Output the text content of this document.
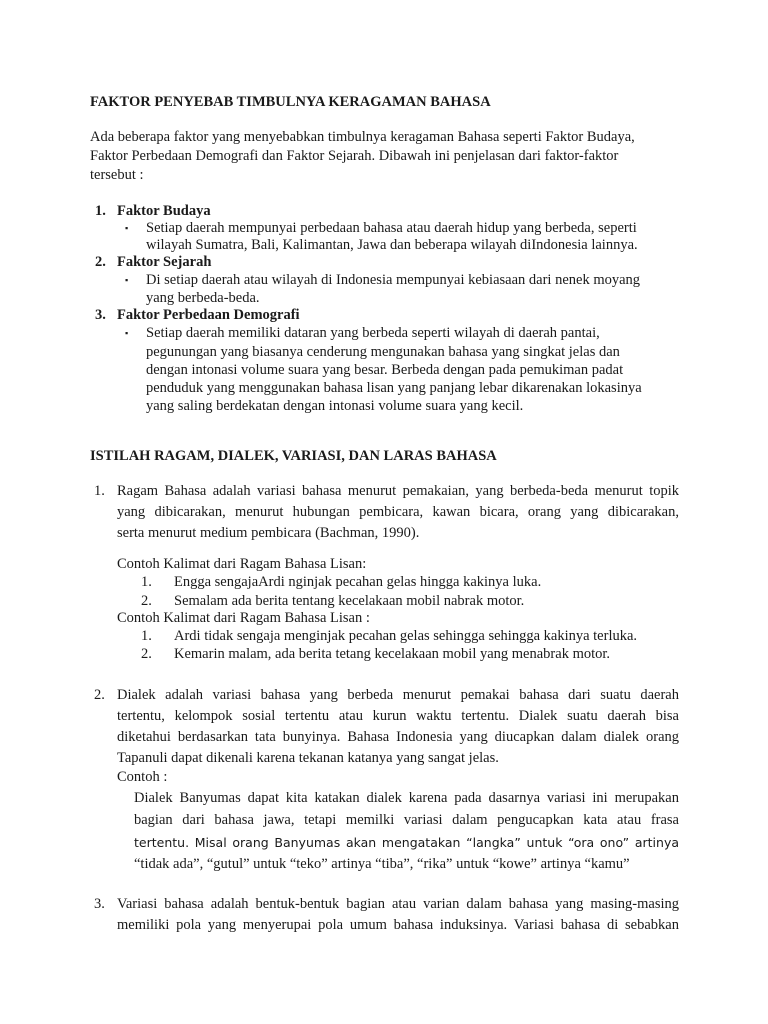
FAKTOR PENYEBAB TIMBULNYA KERAGAMAN BAHASA
Ada beberapa faktor yang menyebabkan timbulnya keragaman Bahasa seperti Faktor Budaya,
Faktor Perbedaan Demografi dan Faktor Sejarah. Dibawah ini penjelasan dari faktor-faktor
tersebut :
1. Faktor Budaya
▪ Setiap daerah mempunyai perbedaan bahasa atau daerah hidup yang berbeda, seperti
wilayah Sumatra, Bali, Kalimantan, Jawa dan beberapa wilayah diIndonesia lainnya.
2. Faktor Sejarah
▪ Di setiap daerah atau wilayah di Indonesia mempunyai kebiasaan dari nenek moyang
yang berbeda-beda.
3. Faktor Perbedaan Demografi
▪ Setiap daerah memiliki dataran yang berbeda seperti wilayah di daerah pantai,
pegunungan yang biasanya cenderung mengunakan bahasa yang singkat jelas dan
dengan intonasi volume suara yang besar. Berbeda dengan pada pemukiman padat
penduduk yang menggunakan bahasa lisan yang panjang lebar dikarenakan lokasinya
yang saling berdekatan dengan intonasi volume suara yang kecil.
ISTILAH RAGAM, DIALEK, VARIASI, DAN LARAS BAHASA
1. Ragam Bahasa adalah variasi bahasa menurut pemakaian, yang berbeda-beda menurut topik
yang dibicarakan, menurut hubungan pembicara, kawan bicara, orang yang dibicarakan,
serta menurut medium pembicara (Bachman, 1990).
Contoh Kalimat dari Ragam Bahasa Lisan:
1. Engga sengajaArdi nginjak pecahan gelas hingga kakinya luka.
2. Semalam ada berita tentang kecelakaan mobil nabrak motor.
Contoh Kalimat dari Ragam Bahasa Lisan :
1. Ardi tidak sengaja menginjak pecahan gelas sehingga sehingga kakinya terluka.
2. Kemarin malam, ada berita tetang kecelakaan mobil yang menabrak motor.
2. Dialek adalah variasi bahasa yang berbeda menurut pemakai bahasa dari suatu daerah
tertentu, kelompok sosial tertentu atau kurun waktu tertentu. Dialek suatu daerah bisa
diketahui berdasarkan tata bunyinya. Bahasa Indonesia yang diucapkan dalam dialek orang
Tapanuli dapat dikenali karena tekanan katanya yang sangat jelas.
Contoh :
Dialek Banyumas dapat kita katakan dialek karena pada dasarnya variasi ini merupakan
bagian dari bahasa jawa, tetapi memilki variasi dalam pengucapkan kata atau frasa
tertentu. Misal orang Banyumas akan mengatakan “langka” untuk “ora ono” artinya
“tidak ada”, “gutul” untuk “teko” artinya “tiba”, “rika” untuk “kowe” artinya “kamu”
3. Variasi bahasa adalah bentuk-bentuk bagian atau varian dalam bahasa yang masing-masing
memiliki pola yang menyerupai pola umum bahasa induksinya. Variasi bahasa di sebabkan
